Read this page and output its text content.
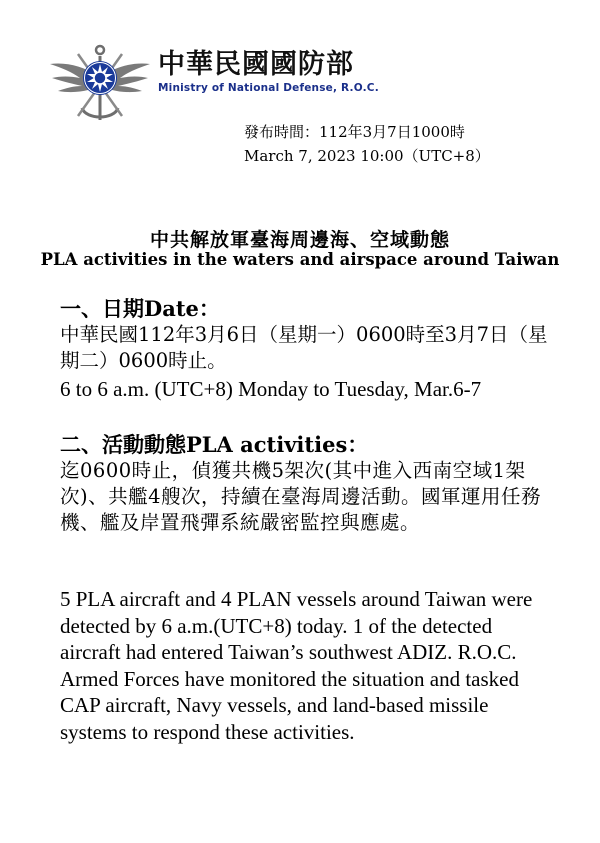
中華民國國防部
Ministry of National Defense, R.O.C.
發布時間：112年3月7日1000時
March 7, 2023 10:00（UTC+8）
中共解放軍臺海周邊海、空域動態
PLA activities in the waters and airspace around Taiwan
一、日期Date：
中華民國112年3月6日（星期一）0600時至3月7日（星期二）0600時止。
6 to 6 a.m. (UTC+8) Monday to Tuesday, Mar.6-7
二、活動動態PLA activities：
迄0600時止，偵獲共機5架次(其中進入西南空域1架次)、共艦4艘次，持續在臺海周邊活動。國軍運用任務機、艦及岸置飛彈系統嚴密監控與應處。
5 PLA aircraft and 4 PLAN vessels around Taiwan were detected by 6 a.m.(UTC+8) today. 1 of the detected aircraft had entered Taiwan’s southwest ADIZ. R.O.C. Armed Forces have monitored the situation and tasked CAP aircraft, Navy vessels, and land-based missile systems to respond these activities.
